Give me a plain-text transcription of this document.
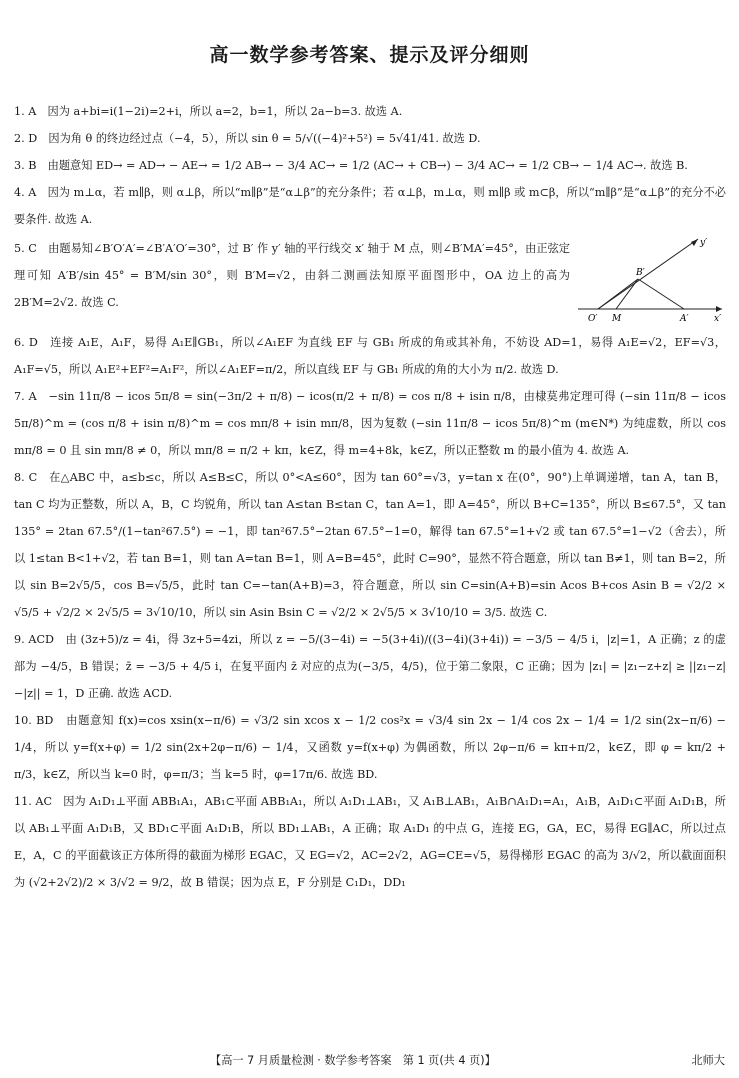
高一数学参考答案、提示及评分细则

1. A　 因为 a+bi=i(1−2i)=2+i，所以 a=2，b=1，所以 2a−b=3. 故选 A.

2. D　 因为角 θ 的终边经过点（−4，5），所以 sin θ = 5/√((−4)²+5²) = 5√41/41. 故选 D.

3. B　 由题意知 ED→ = AD→ − AE→ = 1/2 AB→ − 3/4 AC→ = 1/2 (AC→ + CB→) − 3/4 AC→ = 1/2 CB→ − 1/4 AC→. 故选 B.

4. A　 因为 m⊥α，若 m∥β，则 α⊥β，所以“m∥β”是“α⊥β”的充分条件；若 α⊥β，m⊥α，则 m∥β 或 m⊂β，所以“m∥β”是“α⊥β”的充分不必要条件. 故选 A.

y′
B′
O′ M	A′	x′
5. C　 由题易知∠B′O′A′=∠B′A′O′=30°，过 B′ 作 y′ 轴的平行线交 x′ 轴于 M 点，则∠B′MA′=45°，由正弦定理可知 A′B′/sin 45° = B′M/sin 30°，则 B′M=√2，由斜二测画法知原平面图形中，OA 边上的高为 2B′M=2√2. 故选 C.

6. D　 连接 A₁E，A₁F，易得 A₁E∥GB₁，所以∠A₁EF 为直线 EF 与 GB₁ 所成的角或其补角，不妨设 AD=1，易得 A₁E=√2，EF=√3，A₁F=√5，所以 A₁E²+EF²=A₁F²，所以∠A₁EF=π/2，所以直线 EF 与 GB₁ 所成的角的大小为 π/2. 故选 D.

7. A　 −sin 11π/8 − icos 5π/8 = sin(−3π/2 + π/8) − icos(π/2 + π/8) = cos π/8 + isin π/8，由棣莫弗定理可得 (−sin 11π/8 − icos 5π/8)^m = (cos π/8 + isin π/8)^m = cos mπ/8 + isin mπ/8，因为复数 (−sin 11π/8 − icos 5π/8)^m (m∈N*) 为纯虚数，所以 cos mπ/8 = 0 且 sin mπ/8 ≠ 0，所以 mπ/8 = π/2 + kπ，k∈Z，得 m=4+8k，k∈Z，所以正整数 m 的最小值为 4. 故选 A.

8. C　 在△ABC 中，a≤b≤c，所以 A≤B≤C，所以 0°<A≤60°，因为 tan 60°=√3，y=tan x 在(0°，90°)上单调递增，tan A，tan B，tan C 均为正整数，所以 A，B，C 均锐角，所以 tan A≤tan B≤tan C，tan A=1，即 A=45°，所以 B+C=135°，所以 B≤67.5°，又 tan 135° = 2tan 67.5°/(1−tan²67.5°) = −1，即 tan²67.5°−2tan 67.5°−1=0，解得 tan 67.5°=1+√2 或 tan 67.5°=1−√2（舍去），所以 1≤tan B<1+√2，若 tan B=1，则 tan A=tan B=1，则 A=B=45°，此时 C=90°，显然不符合题意，所以 tan B≠1，则 tan B=2，所以 sin B=2√5/5，cos B=√5/5，此时 tan C=−tan(A+B)=3，符合题意，所以 sin C=sin(A+B)=sin Acos B+cos Asin B = √2/2 × √5/5 + √2/2 × 2√5/5 = 3√10/10，所以 sin Asin Bsin C = √2/2 × 2√5/5 × 3√10/10 = 3/5. 故选 C.

9. ACD　 由 (3z+5)/z = 4i，得 3z+5=4zi，所以 z = −5/(3−4i) = −5(3+4i)/((3−4i)(3+4i)) = −3/5 − 4/5 i，|z|=1，A 正确；z 的虚部为 −4/5，B 错误；z̄ = −3/5 + 4/5 i，在复平面内 z̄ 对应的点为(−3/5，4/5)，位于第二象限，C 正确；因为 |z₁| = |z₁−z+z| ≥ ||z₁−z|−|z|| = 1，D 正确. 故选 ACD.

10. BD　 由题意知 f(x)=cos xsin(x−π/6) = √3/2 sin xcos x − 1/2 cos²x = √3/4 sin 2x − 1/4 cos 2x − 1/4 = 1/2 sin(2x−π/6) − 1/4，所以 y=f(x+φ) = 1/2 sin(2x+2φ−π/6) − 1/4，又函数 y=f(x+φ) 为偶函数，所以 2φ−π/6 = kπ+π/2，k∈Z，即 φ = kπ/2 + π/3，k∈Z，所以当 k=0 时，φ=π/3；当 k=5 时，φ=17π/6. 故选 BD.

11. AC　 因为 A₁D₁⊥平面 ABB₁A₁，AB₁⊂平面 ABB₁A₁，所以 A₁D₁⊥AB₁，又 A₁B⊥AB₁，A₁B∩A₁D₁=A₁，A₁B，A₁D₁⊂平面 A₁D₁B，所以 AB₁⊥平面 A₁D₁B，又 BD₁⊂平面 A₁D₁B，所以 BD₁⊥AB₁，A 正确；取 A₁D₁ 的中点 G，连接 EG，GA，EC，易得 EG∥AC，所以过点 E，A，C 的平面截该正方体所得的截面为梯形 EGAC，又 EG=√2，AC=2√2，AG=CE=√5，易得梯形 EGAC 的高为 3/√2，所以截面面积为 (√2+2√2)/2 × 3/√2 = 9/2，故 B 错误；因为点 E，F 分别是 C₁D₁，DD₁

【高一 7 月质量检测 · 数学参考答案　第 1 页(共 4 页)】	北师大
